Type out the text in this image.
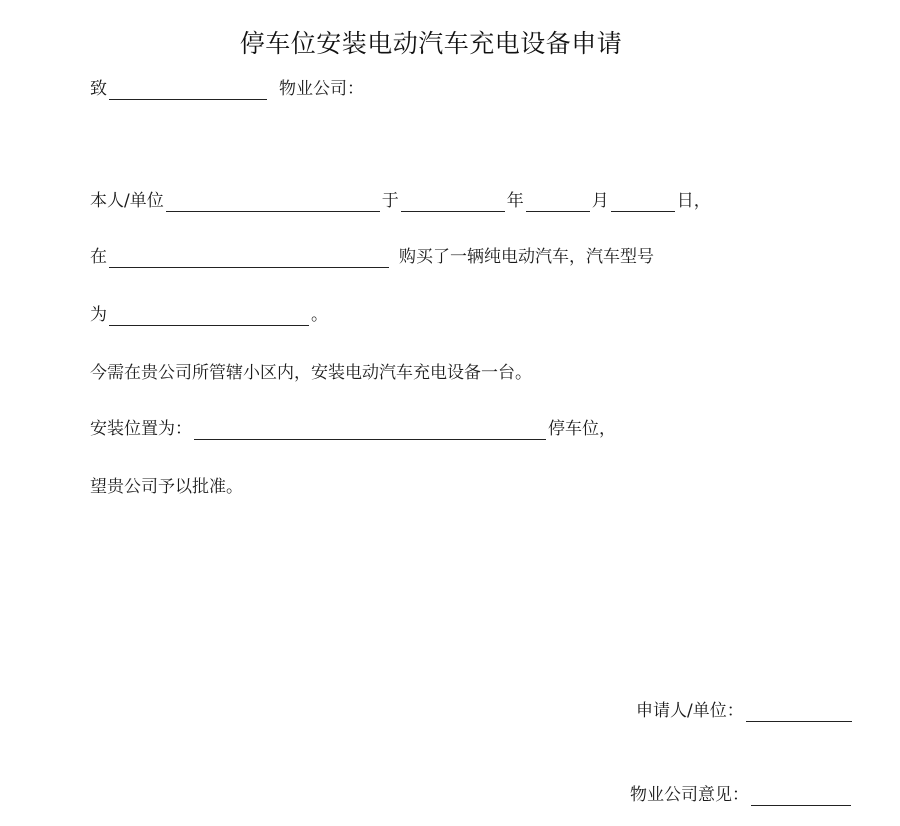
停车位安装电动汽车充电设备申请
致	物业公司：
本人/单位	于	年	月	日，
在	购买了一辆纯电动汽车，汽车型号
为	。
今需在贵公司所管辖小区内，安装电动汽车充电设备一台。
安装位置为：	停车位，
望贵公司予以批准。
申请人/单位：
物业公司意见：
